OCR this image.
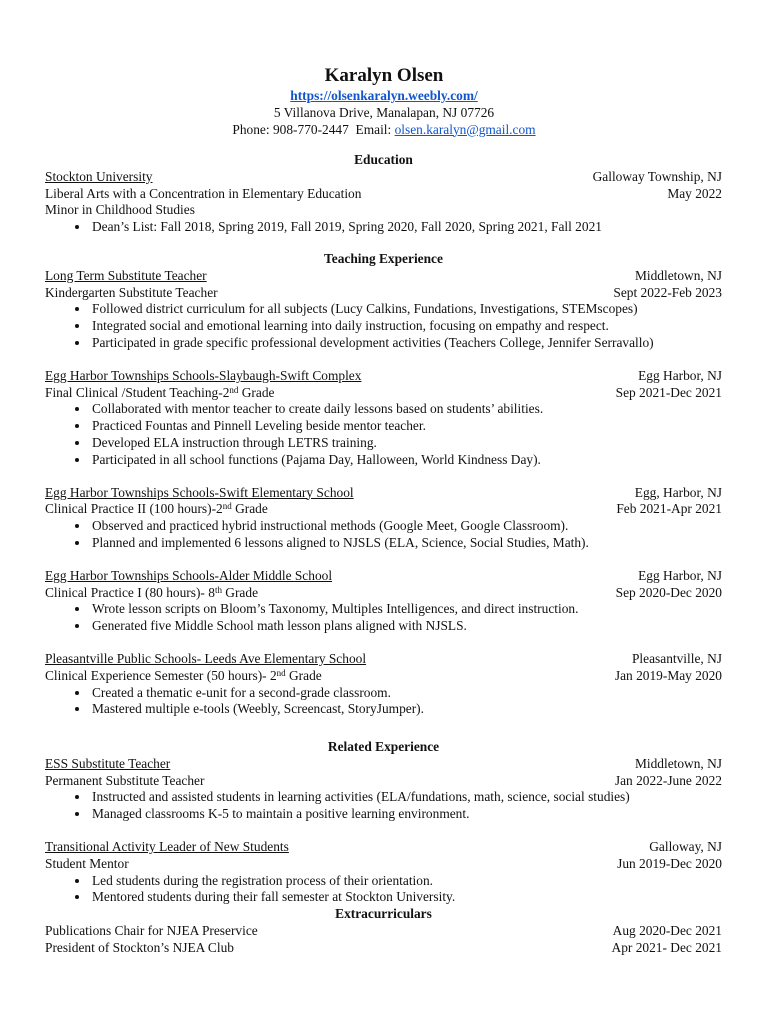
Karalyn Olsen
https://olsenkaralyn.weebly.com/
5 Villanova Drive, Manalapan, NJ 07726
Phone: 908-770-2447 Email: olsen.karalyn@gmail.com
Education
Stockton University	Galloway Township, NJ
Liberal Arts with a Concentration in Elementary Education	May 2022
Minor in Childhood Studies
• Dean’s List: Fall 2018, Spring 2019, Fall 2019, Spring 2020, Fall 2020, Spring 2021, Fall 2021
Teaching Experience
Long Term Substitute Teacher	Middletown, NJ
Kindergarten Substitute Teacher	Sept 2022-Feb 2023
• Followed district curriculum for all subjects (Lucy Calkins, Fundations, Investigations, STEMscopes)
• Integrated social and emotional learning into daily instruction, focusing on empathy and respect.
• Participated in grade specific professional development activities (Teachers College, Jennifer Serravallo)
Egg Harbor Townships Schools-Slaybaugh-Swift Complex	Egg Harbor, NJ
Final Clinical /Student Teaching-2nd Grade	Sep 2021-Dec 2021
• Collaborated with mentor teacher to create daily lessons based on students’ abilities.
• Practiced Fountas and Pinnell Leveling beside mentor teacher.
• Developed ELA instruction through LETRS training.
• Participated in all school functions (Pajama Day, Halloween, World Kindness Day).
Egg Harbor Townships Schools-Swift Elementary School	Egg, Harbor, NJ
Clinical Practice II (100 hours)-2nd Grade	Feb 2021-Apr 2021
• Observed and practiced hybrid instructional methods (Google Meet, Google Classroom).
• Planned and implemented 6 lessons aligned to NJSLS (ELA, Science, Social Studies, Math).
Egg Harbor Townships Schools-Alder Middle School	Egg Harbor, NJ
Clinical Practice I (80 hours)- 8th Grade	Sep 2020-Dec 2020
• Wrote lesson scripts on Bloom’s Taxonomy, Multiples Intelligences, and direct instruction.
• Generated five Middle School math lesson plans aligned with NJSLS.
Pleasantville Public Schools- Leeds Ave Elementary School	Pleasantville, NJ
Clinical Experience Semester (50 hours)- 2nd Grade	Jan 2019-May 2020
• Created a thematic e-unit for a second-grade classroom.
• Mastered multiple e-tools (Weebly, Screencast, StoryJumper).
Related Experience
ESS Substitute Teacher	Middletown, NJ
Permanent Substitute Teacher	Jan 2022-June 2022
• Instructed and assisted students in learning activities (ELA/fundations, math, science, social studies)
• Managed classrooms K-5 to maintain a positive learning environment.
Transitional Activity Leader of New Students	Galloway, NJ
Student Mentor	Jun 2019-Dec 2020
• Led students during the registration process of their orientation.
• Mentored students during their fall semester at Stockton University.
Extracurriculars
Publications Chair for NJEA Preservice	Aug 2020-Dec 2021
President of Stockton’s NJEA Club	Apr 2021- Dec 2021
